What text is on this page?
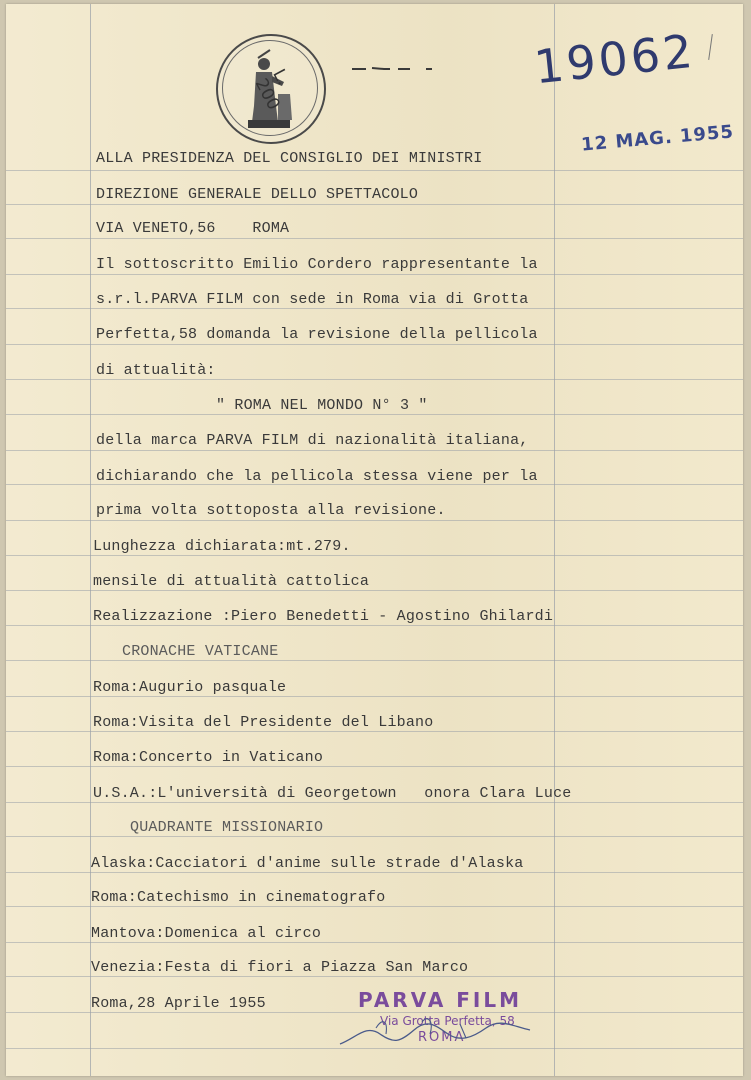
L. 200
19062
12 MAG. 1955
ALLA PRESIDENZA DEL CONSIGLIO DEI MINISTRI
DIREZIONE GENERALE DELLO SPETTACOLO
VIA VENETO,56    ROMA
Il sottoscritto Emilio Cordero rappresentante la
s.r.l.PARVA FILM con sede in Roma via di Grotta
Perfetta,58 domanda la revisione della pellicola
di attualità:
" ROMA NEL MONDO N° 3 "
della marca PARVA FILM di nazionalità italiana,
dichiarando che la pellicola stessa viene per la
prima volta sottoposta alla revisione.
Lunghezza dichiarata:mt.279.
mensile di attualità cattolica
Realizzazione :Piero Benedetti - Agostino Ghilardi
CRONACHE VATICANE
Roma:Augurio pasquale
Roma:Visita del Presidente del Libano
Roma:Concerto in Vaticano
U.S.A.:L'università di Georgetown   onora Clara Luce
QUADRANTE MISSIONARIO
Alaska:Cacciatori d'anime sulle strade d'Alaska
Roma:Catechismo in cinematografo
Mantova:Domenica al circo
Venezia:Festa di fiori a Piazza San Marco
Roma,28 Aprile 1955	PARVA FILM
Via Grotta Perfetta, 58
ROMA
